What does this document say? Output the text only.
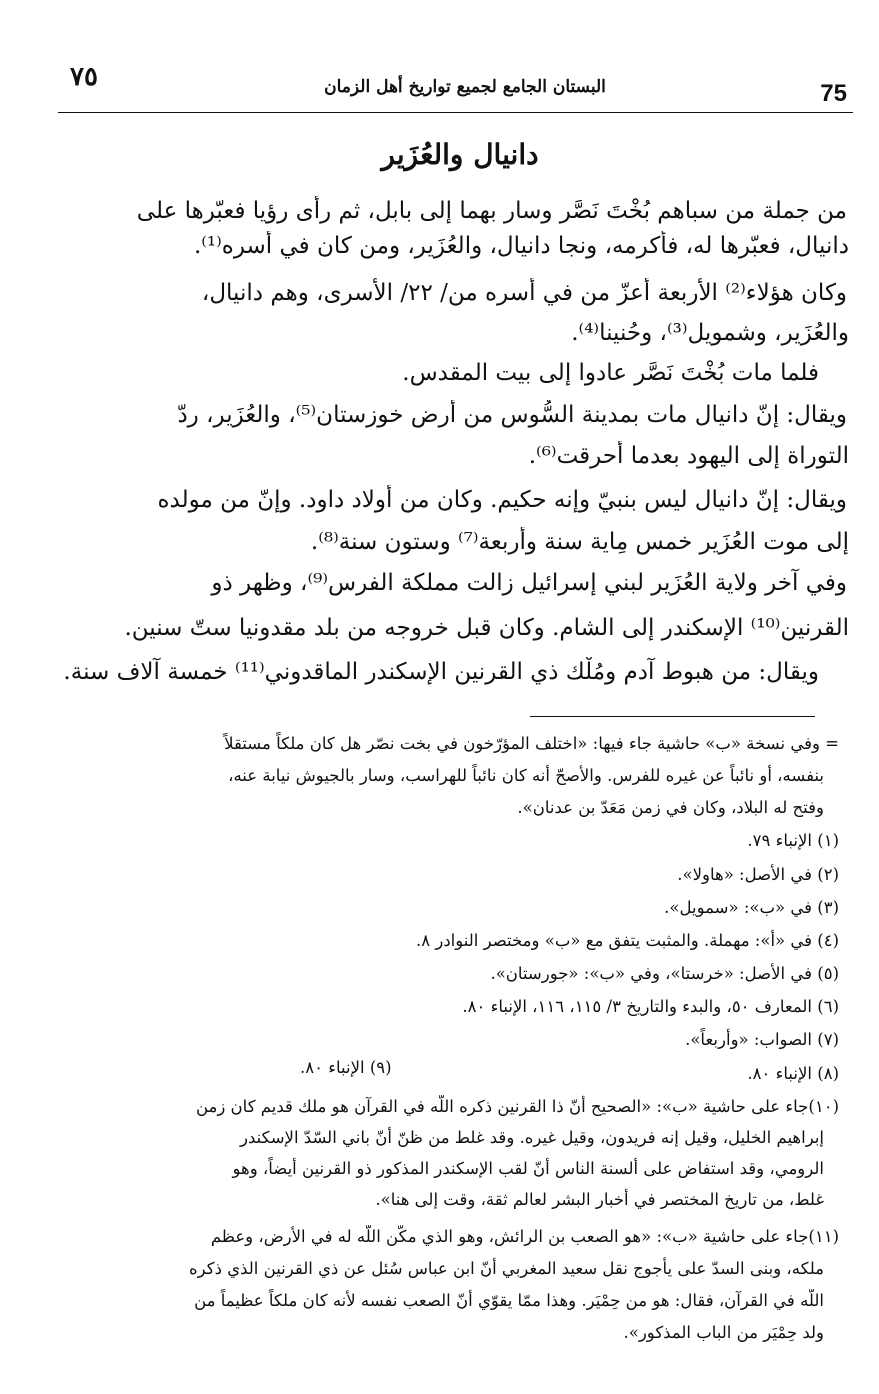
٧٥	البستان الجامع لجميع تواريخ أهل الزمان	75
دانيال والعُزَير
من جملة من سباهم بُخْتَ نَصَّر وسار بهما إلى بابل، ثم رأى رؤيا فعبّرها على
دانيال، فعبّرها له، فأكرمه، ونجا دانيال، والعُزَير، ومن كان في أسره⁽¹⁾.
وكان هؤلاء⁽²⁾ الأربعة أعزّ من في أسره من/ ٢٢/ الأسرى، وهم دانيال،
والعُزَير، وشمويل⁽³⁾، وحُنينا⁽⁴⁾.
فلما مات بُخْتَ نَصَّر عادوا إلى بيت المقدس.
ويقال: إنّ دانيال مات بمدينة السُّوس من أرض خوزستان⁽⁵⁾، والعُزَير، ردّ
التوراة إلى اليهود بعدما أُحرقت⁽⁶⁾.
ويقال: إنّ دانيال ليس بنبيّ وإنه حكيم. وكان من أولاد داود. وإنّ من مولده
إلى موت العُزَير خمس مِاية سنة وأربعة⁽⁷⁾ وستون سنة⁽⁸⁾.
وفي آخر ولاية العُزَير لبني إسرائيل زالت مملكة الفرس⁽⁹⁾، وظهر ذو
القرنين⁽¹⁰⁾ الإسكندر إلى الشام. وكان قبل خروجه من بلد مقدونيا ستّ سنين.
ويقال: من هبوط آدم ومُلْك ذي القرنين الإسكندر الماقدوني⁽¹¹⁾ خمسة آلاف سنة.
= وفي نسخة «ب» حاشية جاء فيها: «اختلف المؤرّخون في بخت نصّر هل كان ملكاً مستقلاً
بنفسه، أو نائباً عن غيره للفرس. والأصحّ أنه كان نائباً للهراسب، وسار بالجيوش نيابة عنه،
وفتح له البلاد، وكان في زمن مَعَدّ بن عدنان».
(١) الإنباء ٧٩.
(٢) في الأصل: «هاولا».
(٣) في «ب»: «سمويل».
(٤) في «أ»: مهملة. والمثبت يتفق مع «ب» ومختصر النوادر ٨.
(٥) في الأصل: «خرستا»، وفي «ب»: «جورستان».
(٦) المعارف ٥٠، والبدء والتاريخ ٣/ ١١٥، ١١٦، الإنباء ٨٠.
(٧) الصواب: «وأربعاً».
(٨) الإنباء ٨٠.
(٩) الإنباء ٨٠.
(١٠)جاء على حاشية «ب»: «الصحيح أنّ ذا القرنين ذكره اللّه في القرآن هو ملك قديم كان زمن
إبراهيم الخليل، وقيل إنه فريدون، وقيل غيره. وقد غلط من ظنّ أنّ باني السّدّ الإسكندر
الرومي، وقد استفاض على ألسنة الناس أنّ لقب الإسكندر المذكور ذو القرنين أيضاً، وهو
غلط، من تاريخ المختصر في أخبار البشر لعالم ثقة، وقت إلى هنا».
(١١)جاء على حاشية «ب»: «هو الصعب بن الرائش، وهو الذي مكّن اللّه له في الأرض، وعظم
ملكه، وبنى السدّ على يأجوج نقل سعيد المغربي أنّ ابن عباس سُئل عن ذي القرنين الذي ذكره
اللّه في القرآن، فقال: هو من حِمْيَر. وهذا ممّا يقوّي أنّ الصعب نفسه لأنه كان ملكاً عظيماً من
ولد حِمْيَر من الباب المذكور».
